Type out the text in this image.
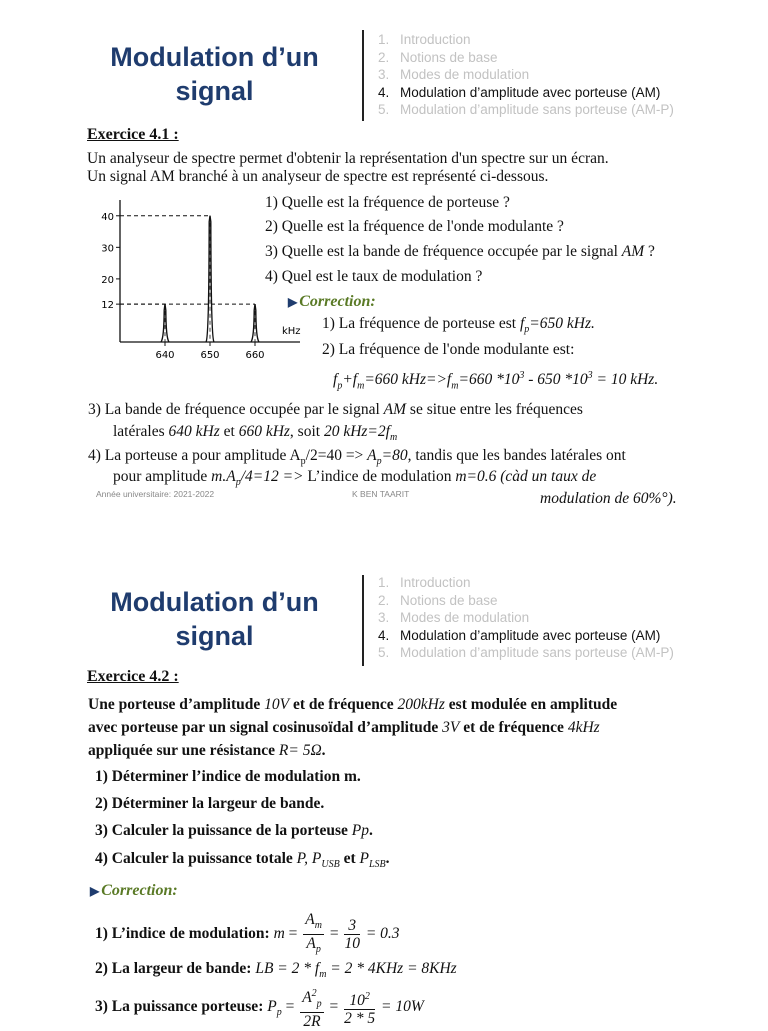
Modulation d’un signal
1. Introduction
2. Notions de base
3. Modes de modulation
4. Modulation d’amplitude avec porteuse (AM)
5. Modulation d’amplitude sans porteuse (AM-P)
Exercice 4.1 :
Un analyseur de spectre permet d'obtenir la représentation d'un spectre sur un écran.
Un signal AM branché à un analyseur de spectre est représenté ci-dessous.
12
20
30
40
640	650	660
kHz
1) Quelle est la fréquence de porteuse ?
2) Quelle est la fréquence de l'onde modulante ?
3) Quelle est la bande de fréquence occupée par le signal AM ?
4) Quel est le taux de modulation ?
▶ Correction:
1) La fréquence de porteuse est $f_p=650$ kHz.
2) La fréquence de l'onde modulante est:
$f_p+f_m=660$ $kHz=>f_m=660$ $*10^3 - 650$ $*10^3 = 10$ kHz.
3) La bande de fréquence occupée par le signal AM se situe entre les fréquences
latérales 640 kHz et 660 kHz, soit 20 $kHz=2f_m$
4) La porteuse a pour amplitude $A_p/2=40 => A_p=80$, tandis que les bandes latérales ont
pour amplitude $m.A_p/4=12$ => L’indice de modulation m=0.6 (càd un taux de
modulation de 60%°).
Année universitaire: 2021-2022	K BEN TAARIT
Modulation d’un signal
1. Introduction
2. Notions de base
3. Modes de modulation
4. Modulation d’amplitude avec porteuse (AM)
5. Modulation d’amplitude sans porteuse (AM-P)
Exercice 4.2 :
Une porteuse d’amplitude 10V et de fréquence 200kHz est modulée en amplitude
avec porteuse par un signal cosinusoïdal d’amplitude 3V et de fréquence 4kHz
appliquée sur une résistance R= 5Ω.
1) Déterminer l’indice de modulation m.
2) Déterminer la largeur de bande.
3) Calculer la puissance de la porteuse Pp.
4) Calculer la puissance totale P, $P_{USB}$ et $P_{LSB}$.
▶ Correction:
1) L’indice de modulation: $m = \frac{A_m}{A_p} = \frac{3}{10} = 0.3$
2) La largeur de bande: LB = $2 * f_m = 2 * 4KHz = 8KHz$
3) La puissance porteuse: $P_p = \frac{A^2_p}{2R} = \frac{10^2}{2 * 5} = 10W$
